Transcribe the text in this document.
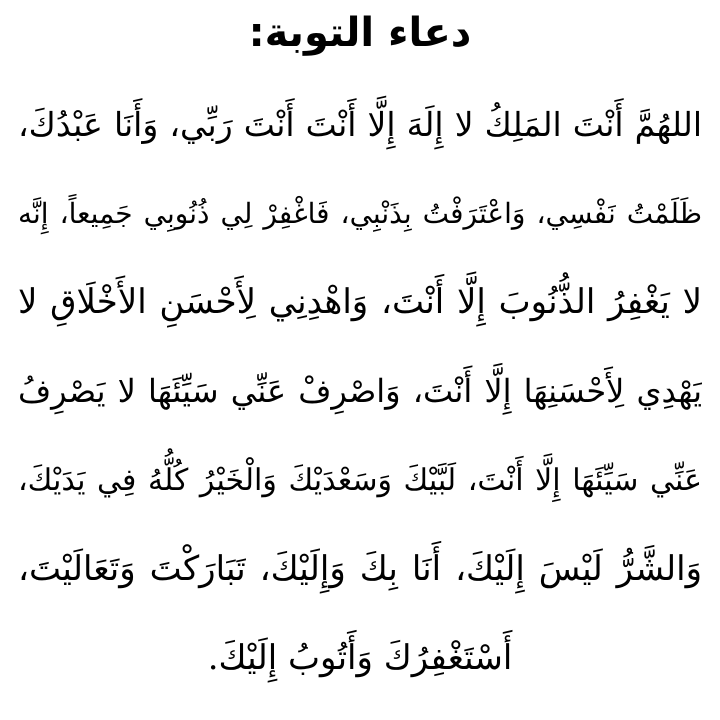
دعاء التوبة:
اللهُمَّ أَنْتَ المَلِكُ لا إِلَهَ إِلَّا أَنْتَ أَنْتَ رَبِّي، وَأَنَا عَبْدُكَ،
ظَلَمْتُ نَفْسِي، وَاعْتَرَفْتُ بِذَنْبِي، فَاغْفِرْ لِي ذُنُوبِي جَمِيعاً، إِنَّه
لا يَغْفِرُ الذُّنُوبَ إِلَّا أَنْتَ، وَاهْدِنِي لِأَحْسَنِ الأَخْلَاقِ لا
يَهْدِي لِأَحْسَنِهَا إِلَّا أَنْتَ، وَاصْرِفْ عَنِّي سَيِّئَهَا لا يَصْرِفُ
عَنِّي سَيِّئَهَا إِلَّا أَنْتَ، لَبَّيْكَ وَسَعْدَيْكَ وَالْخَيْرُ كُلُّهُ فِي يَدَيْكَ،
وَالشَّرُّ لَيْسَ إِلَيْكَ، أَنَا بِكَ وَإِلَيْكَ، تَبَارَكْتَ وَتَعَالَيْتَ،
أَسْتَغْفِرُكَ وَأَتُوبُ إِلَيْكَ.
